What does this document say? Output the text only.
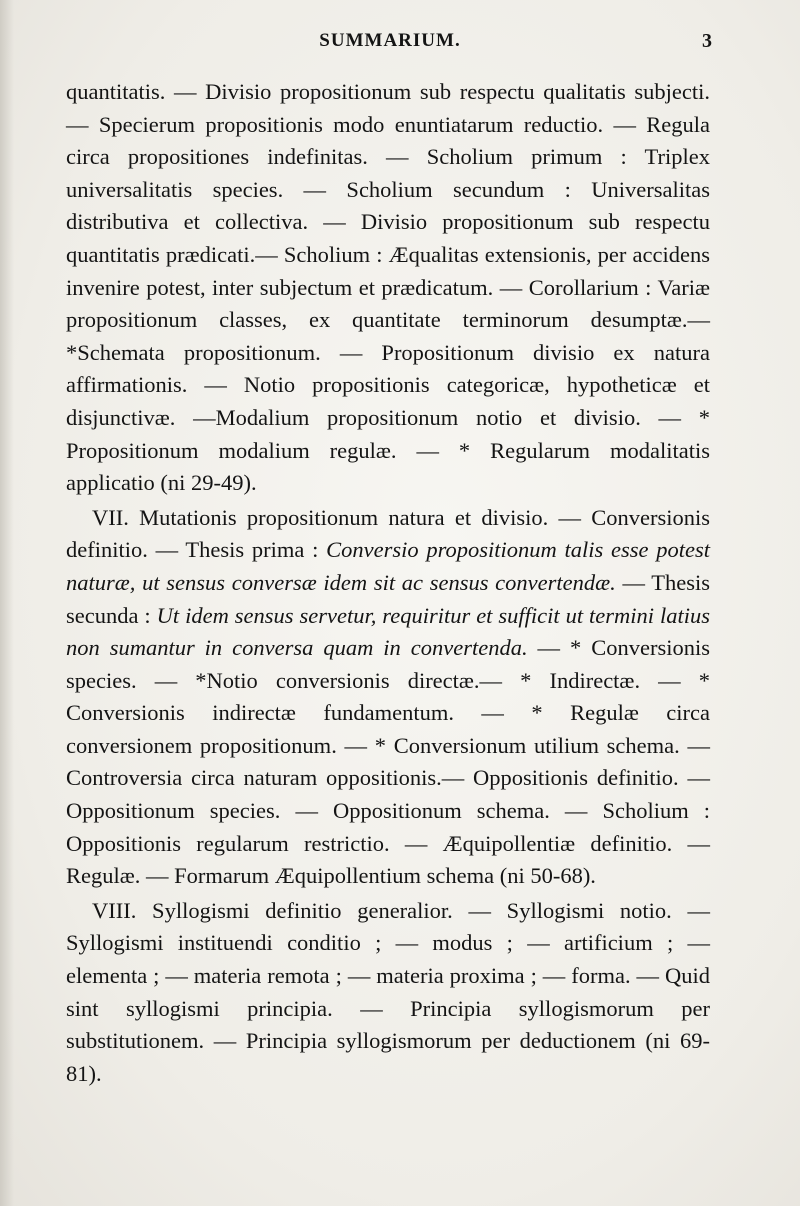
SUMMARIUM.	3

quantitatis. — Divisio propositionum sub respectu qualitatis subjecti.— Specierum propositionis modo enuntiatarum reductio. — Regula circa propositiones indefinitas. — Scholium primum : Triplex universalitatis species. — Scholium secundum : Universalitas distributiva et collectiva. — Divisio propositionum sub respectu quantitatis prædicati.— Scholium : Æqualitas extensionis, per accidens invenire potest, inter subjectum et prædicatum. — Corollarium : Variæ propositionum classes, ex quantitate terminorum desumptæ.—*Schemata propositionum. — Propositionum divisio ex natura affirmationis. — Notio propositionis categoricæ, hypotheticæ et disjunctivæ. —Modalium propositionum notio et divisio. — * Propositionum modalium regulæ. — * Regularum modalitatis applicatio (ni 29-49).

VII. Mutationis propositionum natura et divisio. — Conversionis definitio. — Thesis prima : Conversio propositionum talis esse potest naturæ, ut sensus conversæ idem sit ac sensus convertendæ. — Thesis secunda : Ut idem sensus servetur, requiritur et sufficit ut termini latius non sumantur in conversa quam in convertenda. — * Conversionis species. — *Notio conversionis directæ.— * Indirectæ. — * Conversionis indirectæ fundamentum. — * Regulæ circa conversionem propositionum. — * Conversionum utilium schema. — Controversia circa naturam oppositionis.— Oppositionis definitio. — Oppositionum species. — Oppositionum schema. — Scholium : Oppositionis regularum restrictio. — Æquipollentiæ definitio. — Regulæ. — Formarum Æquipollentium schema (ni 50-68).

VIII. Syllogismi definitio generalior. — Syllogismi notio. — Syllogismi instituendi conditio ; — modus ; — artificium ; — elementa ; — materia remota ; — materia proxima ; — forma. — Quid sint syllogismi principia. — Principia syllogismorum per substitutionem. — Principia syllogismorum per deductionem (ni 69-81).
